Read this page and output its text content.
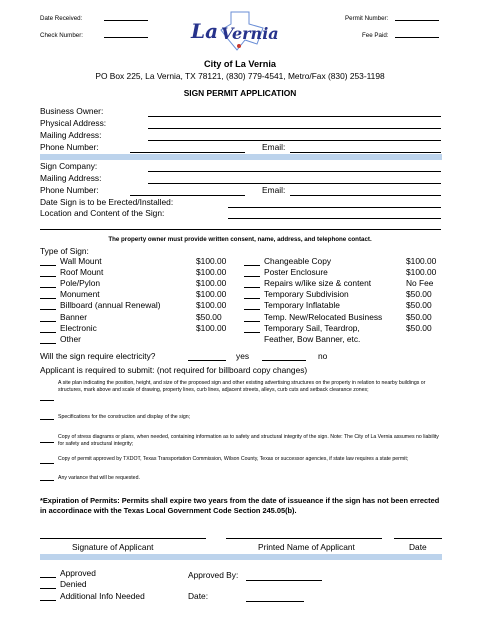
Date Received:
Check Number:
Permit Number:
Fee Paid:
La Vernia
City of La Vernia
PO Box 225, La Vernia, TX 78121, (830) 779-4541, Metro/Fax (830) 253-1198
SIGN PERMIT APPLICATION
Business Owner:
Physical Address:
Mailing Address:
Phone Number:	Email:
Sign Company:
Mailing Address:
Phone Number:	Email:
Date Sign is to be Erected/Installed:
Location and Content of the Sign:
The property owner must provide written consent, name, address, and telephone contact.
Type of Sign:
Wall Mount	$100.00
Roof Mount	$100.00
Pole/Pylon	$100.00
Monument	$100.00
Billboard (annual Renewal)	$100.00
Banner	$50.00
Electronic	$100.00
Other
Changeable Copy	$100.00
Poster Enclosure	$100.00
Repairs w/like size & content	No Fee
Temporary Subdivision	$50.00
Temporary Inflatable	$50.00
Temp. New/Relocated Business	$50.00
Temporary Sail, Teardrop,	$50.00
Feather, Bow Banner, etc.
Will the sign require electricity?	yes	no
Applicant is required to submit: (not required for billboard copy changes)
A site plan indicating the position, height, and size of the proposed sign and other existing advertising structures on the property in relation to nearby buildings or structures, mark above and scale of drawing, property lines, curb lines, adjacent streets, alleys, curb cuts and setback clearance zones;
Specifications for the construction and display of the sign;
Copy of stress diagrams or plans, when needed, containing information as to safety and structural integrity of the sign. Note: The City of La Vernia assumes no liability for safety and structural integrity;
Copy of permit approved by TXDOT, Texas Transportation Commission, Wilson County, Texas or successor agencies, if state law requires a state permit;
Any variance that will be requested.
*Expiration of Permits: Permits shall expire two years from the date of issueance if the sign has not been errected in accordinace with the Texas Local Government Code Section 245.05(b).
Signature of Applicant	Printed Name of Applicant	Date
Approved
Denied
Additional Info Needed
Approved By:
Date:
